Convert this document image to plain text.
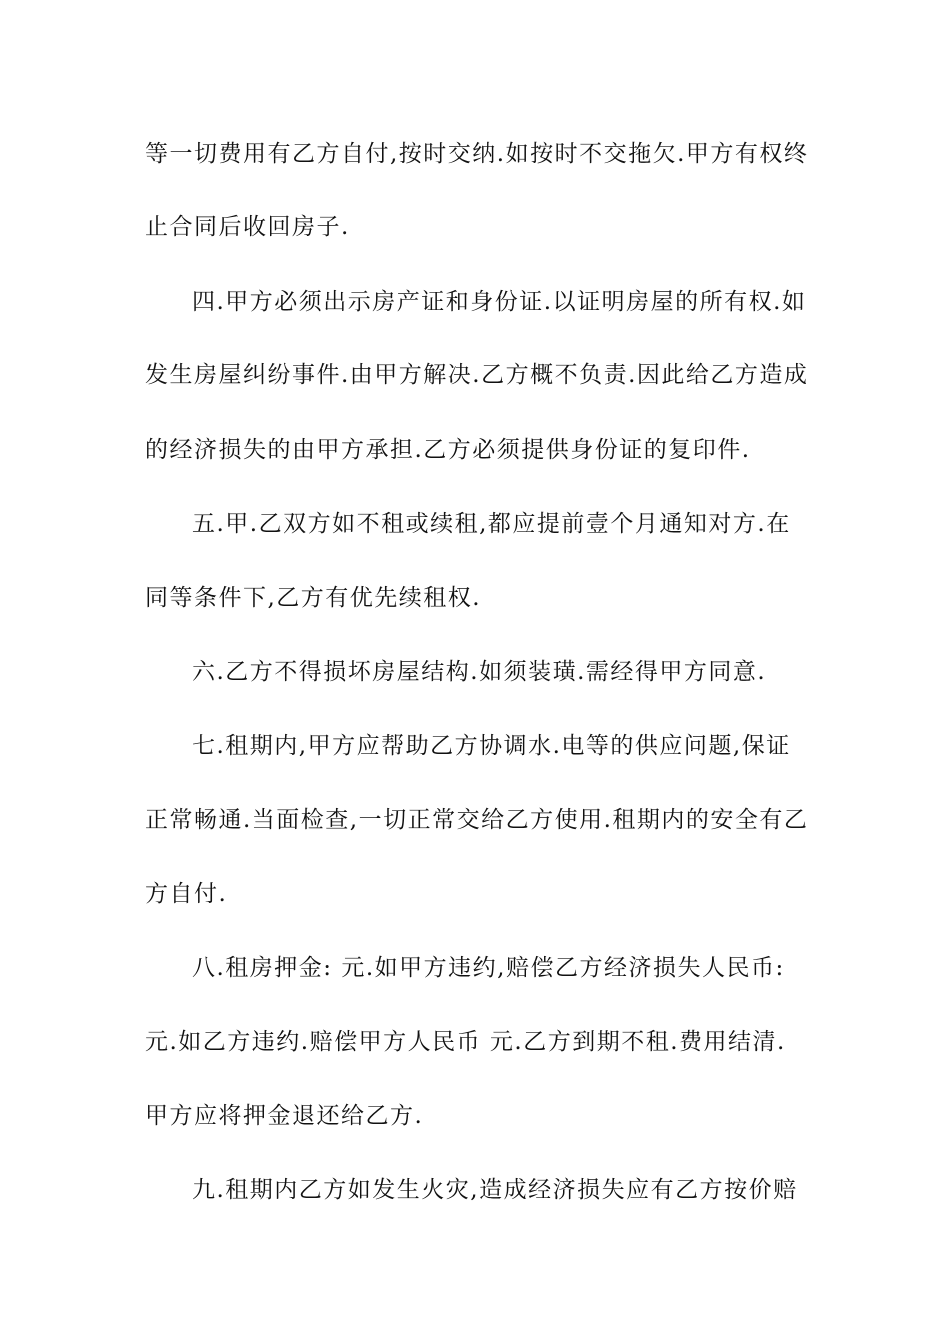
等一切费用有乙方自付,按时交纳.如按时不交拖欠.甲方有权终
止合同后收回房子.
四.甲方必须出示房产证和身份证.以证明房屋的所有权.如
发生房屋纠纷事件.由甲方解决.乙方概不负责.因此给乙方造成
的经济损失的由甲方承担.乙方必须提供身份证的复印件.
五.甲.乙双方如不租或续租,都应提前壹个月通知对方.在
同等条件下,乙方有优先续租权.
六.乙方不得损坏房屋结构.如须装璜.需经得甲方同意.
七.租期内,甲方应帮助乙方协调水.电等的供应问题,保证
正常畅通.当面检查,一切正常交给乙方使用.租期内的安全有乙
方自付.
八.租房押金: 元.如甲方违约,赔偿乙方经济损失人民币:
元.如乙方违约.赔偿甲方人民币 元.乙方到期不租.费用结清.
甲方应将押金退还给乙方.
九.租期内乙方如发生火灾,造成经济损失应有乙方按价赔
